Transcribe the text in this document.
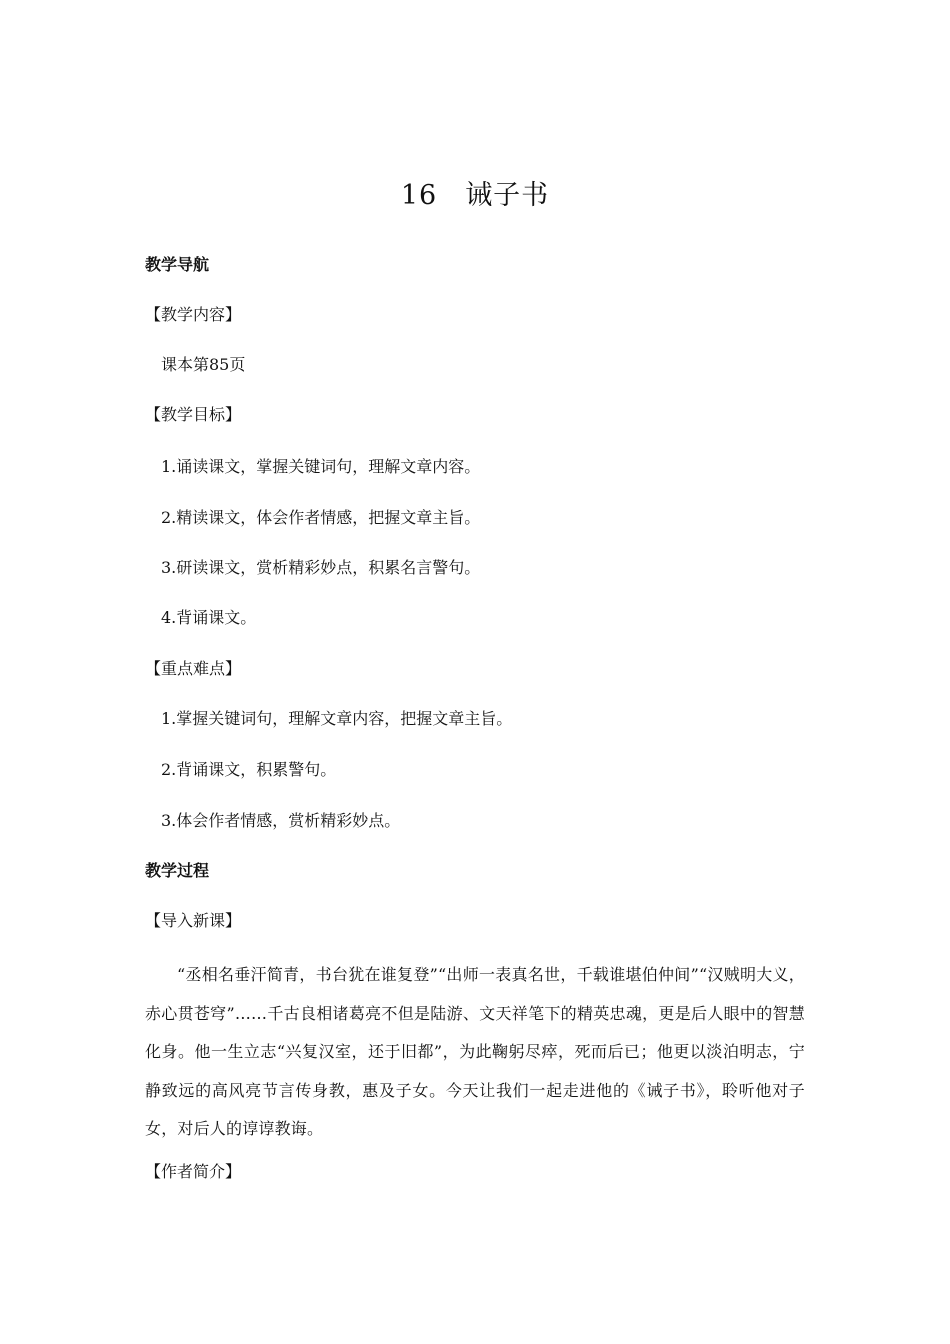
16 诫子书
教学导航
【教学内容】
课本第85页
【教学目标】
1.诵读课文，掌握关键词句，理解文章内容。
2.精读课文，体会作者情感，把握文章主旨。
3.研读课文，赏析精彩妙点，积累名言警句。
4.背诵课文。
【重点难点】
1.掌握关键词句，理解文章内容，把握文章主旨。
2.背诵课文，积累警句。
3.体会作者情感，赏析精彩妙点。
教学过程
【导入新课】
“丞相名垂汗简青，书台犹在谁复登”“出师一表真名世，千载谁堪伯仲间”“汉贼明大义，赤心贯苍穹”……千古良相诸葛亮不但是陆游、文天祥笔下的精英忠魂，更是后人眼中的智慧化身。他一生立志“兴复汉室，还于旧都”，为此鞠躬尽瘁，死而后已；他更以淡泊明志，宁静致远的高风亮节言传身教，惠及子女。今天让我们一起走进他的《诫子书》，聆听他对子女，对后人的谆谆教诲。
【作者简介】
